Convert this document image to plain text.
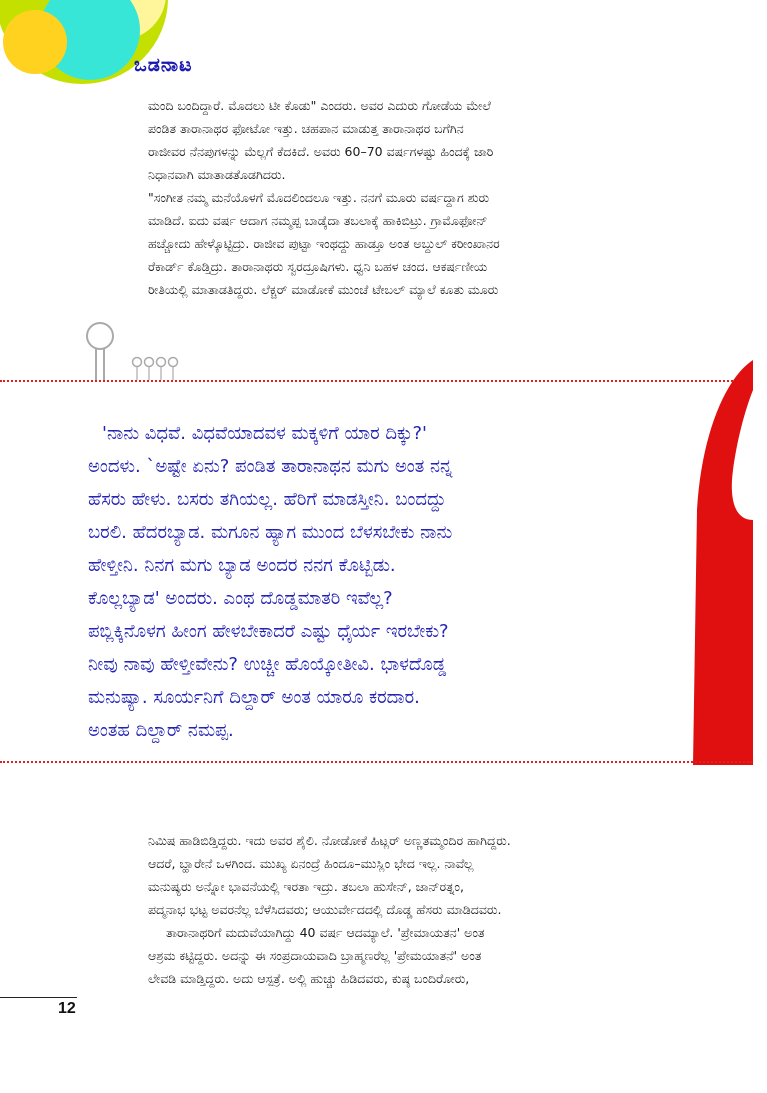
ಒಡನಾಟ
ಮಂದಿ ಬಂದಿದ್ದಾರೆ. ಮೊದಲು ಟೀ ಕೊಡು" ಎಂದರು. ಅವರ ಎದುರು ಗೋಡೆಯ ಮೇಲೆ
ಪಂಡಿತ ತಾರಾನಾಥರ ಫೋಟೋ ಇತ್ತು. ಚಹಪಾನ ಮಾಡುತ್ತ ತಾರಾನಾಥರ ಬಗೆಗಿನ
ರಾಜೀವರ ನೆನಪುಗಳನ್ನು ಮೆಲ್ಲಗೆ ಕೆದಕಿದೆ. ಅವರು 60–70 ವರ್ಷಗಳಷ್ಟು ಹಿಂದಕ್ಕೆ ಜಾರಿ
ನಿಧಾನವಾಗಿ ಮಾತಾಡತೊಡಗಿದರು.
"ಸಂಗೀತ ನಮ್ಮ ಮನೆಯೊಳಗೆ ಮೊದಲಿಂದಲೂ ಇತ್ತು. ನನಗೆ ಮೂರು ವರ್ಷದ್ದಾಗ ಶುರು
ಮಾಡಿದೆ. ಐದು ವರ್ಷ ಆದಾಗ ನಮ್ಮಪ್ಪ ಬಾಡ್ಕೆದಾ ತಬಲಾಕ್ಕೆ ಹಾಕಿಬಿಟ್ರು. ಗ್ರಾಮೊಫೋನ್
ಹಚ್ಚೋದು ಹೇಳ್ಕೊಟ್ಟಿದ್ರು. ರಾಜೀವ ಪುಟ್ಟಾ ಇಂಥದ್ದು ಹಾಡ್ತೂ ಅಂತ ಅಬ್ದುಲ್ ಕರೀಂಖಾನರ
ರೆಕಾರ್ಡ್ ಕೊಡ್ತಿದ್ರು. ತಾರಾನಾಥರು ಸ್ವರದ್ರೂಷಿಗಳು. ಧ್ವನಿ ಬಹಳ ಚಂದ. ಆಕರ್ಷಣೀಯ
ರೀತಿಯಲ್ಲಿ ಮಾತಾಡತಿದ್ದರು. ಲೆಕ್ಚರ್ ಮಾಡೋಕೆ ಮುಂಚೆ ಟೇಬಲ್ ಮ್ಯಾಲೆ ಕೂತು ಮೂರು
'ನಾನು ವಿಧವೆ. ವಿಧವೆಯಾದವಳ ಮಕ್ಕಳಿಗೆ ಯಾರ ದಿಕ್ಕು?'
ಅಂದಳು. `ಅಷ್ಟೇ ಏನು? ಪಂಡಿತ ತಾರಾನಾಥನ ಮಗು ಅಂತ ನನ್ನ
ಹೆಸರು ಹೇಳು. ಬಸರು ತಗಿಯಲ್ಲ. ಹೆರಿಗೆ ಮಾಡಸ್ತೀನಿ. ಬಂದದ್ದು
ಬರಲಿ. ಹೆದರಬ್ಯಾಡ. ಮಗೂನ ಹ್ಯಾಗ ಮುಂದ ಬೆಳಸಬೇಕು ನಾನು
ಹೇಳ್ತೀನಿ. ನಿನಗ ಮಗು ಬ್ಯಾಡ ಅಂದರ ನನಗ ಕೊಟ್ಬಿಡು.
ಕೊಲ್ಲಬ್ಯಾಡ' ಅಂದರು. ಎಂಥ ದೊಡ್ಡಮಾತರಿ ಇವೆಲ್ಲ?
ಪಬ್ಲಿಕ್ಕಿನೊಳಗ ಹೀಂಗ ಹೇಳಬೇಕಾದರೆ ಎಷ್ಟು ಧೈರ್ಯ ಇರಬೇಕು?
ನೀವು ನಾವು ಹೇಳ್ತೀವೇನು? ಉಚ್ಚೀ ಹೊಯ್ಕೋತೀವಿ. ಭಾಳದೊಡ್ಡ
ಮನುಷ್ಯಾ. ಸೂರ್ಯನಿಗೆ ದಿಲ್ದಾರ್ ಅಂತ ಯಾರೂ ಕರದಾರ.
ಅಂತಹ ದಿಲ್ದಾರ್ ನಮಪ್ಪ.
ನಿಮಿಷ ಹಾಡಿಬಿಡ್ತಿದ್ದರು. ಇದು ಅವರ ಶೈಲಿ. ನೋಡೋಕೆ ಹಿಟ್ಲರ್ ಅಣ್ಣತಮ್ಮಂದಿರ ಹಾಗಿದ್ದರು.
ಆದರೆ, ಬ್ಹಾರೇನೆ ಒಳಗಿಂದ. ಮುಖ್ಯ ಏನಂದ್ರೆ ಹಿಂದೂ–ಮುಸ್ಲಿಂ ಭೇದ ಇಲ್ಲ. ನಾವೆಲ್ಲ
ಮನುಷ್ಯರು ಅನ್ನೋ ಭಾವನೆಯಲ್ಲಿ ಇರತಾ ಇದ್ರು. ತಬಲಾ ಹುಸೇನ್, ಜಾನ್‌ರತ್ನಂ,
ಪದ್ಮನಾಭ ಭಟ್ಟ ಅವರನೆಲ್ಲ ಬೆಳೆಸಿದವರು; ಆಯುರ್ವೇದದಲ್ಲಿ ದೊಡ್ಡ ಹೆಸರು ಮಾಡಿದವರು.
ತಾರಾನಾಥರಿಗೆ ಮದುವೆಯಾಗಿದ್ದು 40 ವರ್ಷ ಆದಮ್ಯಾಲೆ. 'ಪ್ರೇಮಾಯತನ' ಅಂತ
ಆಶ್ರಮ ಕಟ್ಟಿದ್ದರು. ಅದನ್ನು ಈ ಸಂಪ್ರದಾಯವಾದಿ ಬ್ರಾಹ್ಮಣರೆಲ್ಲ 'ಪ್ರೇಮಯಾತನೆ' ಅಂತ
ಲೇವಡಿ ಮಾಡ್ತಿದ್ದರು. ಅದು ಆಸ್ಪತ್ರೆ. ಅಲ್ಲಿ ಹುಚ್ಚು ಹಿಡಿದವರು, ಕುಷ್ಠ ಬಂದಿರೋರು,
12
